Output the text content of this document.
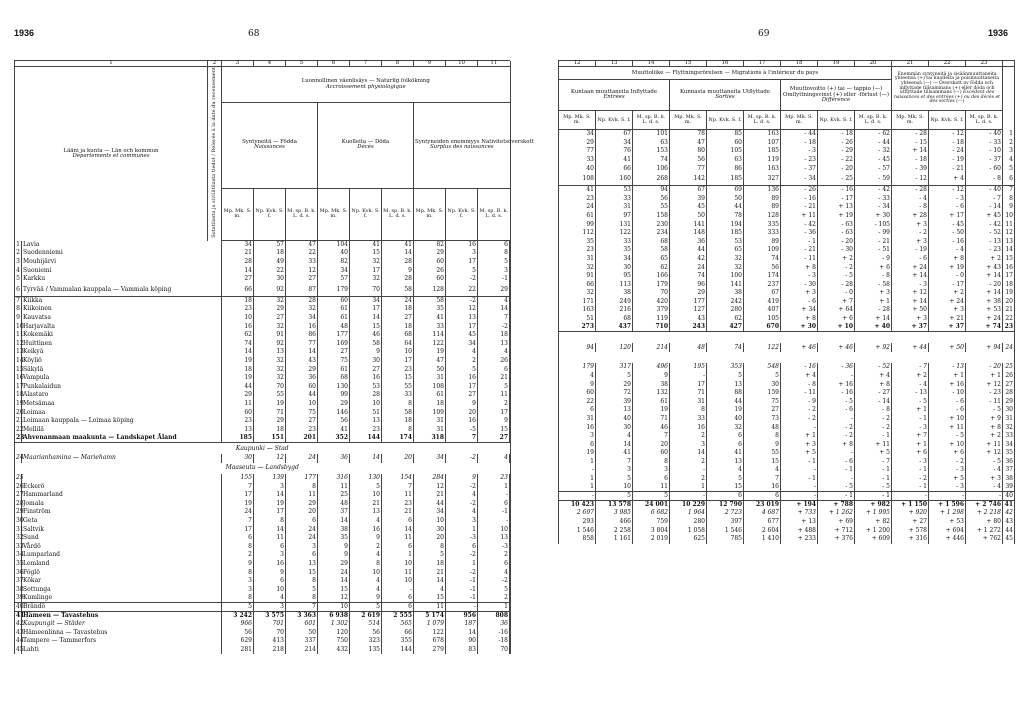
1936	68	69	1936
1		2	3	4	5	6	7	8	9	10	11	
Lääni ja kunta — Län och kommun
Départements et communes		Sotatilasta ja siviilitilasta tiedot / Relevés à la date du recensement	Luonnollinen väenlisäys — Naturlig folkökning
Accroissement physiologique									
			Syntyneitä — Födda
Naissances			Kuolleita — Döda
Décès			Syntyneiden enemmyys Nativitetsöverskott
Surplus des naissances			
			Mp. Mk. S. m.	Np. Kvk. S. f.	M. sp. B. k. L. d. s.	Mp. Mk. S. m.	Np. Kvk. S. f.	M. sp. B. k. L. d. s.	Mp. Mk. S. m.	Np. Kvk. S. f.	M. sp. B. k. L. d. s.	
1	Lavia		34	57	47	104	41	41	82	16	6	
2	Suodenniemi		21	18	22	40	15	14	29	3	8	
3	Mouhijärvi		28	49	33	82	32	28	60	17	5	
4	Suoniemi		14	22	12	34	17	9	26	5	3	
5	Karkku		27	30	27	57	32	28	60	-2	-1	
6	Tyrvää / Vammalan kauppala — Vammala köping		66	92	87	179	70	58	128	22	29	
7	Kiikka		18	32	28	60	34	24	58	-2	4	
8	Kiikoinen		23	29	32	61	17	18	35	12	14	
9	Kauvatsa		10	27	34	61	14	27	41	13	7	
10	Harjavalta		16	32	16	48	15	18	33	17	-2	
11	Kokemäki		62	91	86	177	46	68	114	45	18	
12	Huittinen		74	92	77	169	58	64	122	34	13	
13	Keikyä		14	13	14	27	9	10	19	4	4	
14	Köyliö		19	32	43	75	30	17	47	2	26	
15	Säkylä		18	32	29	61	27	23	50	5	6	
16	Vampula		19	32	36	68	16	15	31	16	21	
17	Punkalaidun		44	70	60	130	53	55	108	17	5	
18	Alastaro		29	55	44	99	28	33	61	27	11	
19	Metsämaa		11	19	10	29	10	8	18	9	2	
20	Loimaa		60	71	75	146	51	58	109	20	17	
21	Loimaan kauppala — Loimaa köping		23	29	27	56	13	18	31	16	9	
22	Mellilä		13	18	23	41	23	8	31	-5	15	
23	Ahvenanmaan maakunta — Landskapet Åland		185	151	201	352	144	174	318	7	27	
Kaupunki — Stad												
24	Maarianhamina — Mariehamn		30	12	24	36	14	20	34	-2	4	
Maaseutu — Landsbygd												
25			155	139	177	316	130	154	284	9	23	
26	Eckerö		7	3	8	11	5	7	12	-2	1	
27	Hammarland		17	14	11	25	10	11	21	4	-	
28	Jomala		19	19	29	48	21	23	44	-2	6	
29	Finström		24	17	20	37	13	21	34	4	-1	
30	Geta		7	8	6	14	4	6	10	3	-	
31	Saltvik		17	14	24	38	16	14	30	1	10	
32	Sund		6	11	24	35	9	11	20	-3	13	
33	Vårdö		8	6	3	9	2	6	8	6	-3	
34	Lumparland		2	3	6	9	4	1	5	-2	2	
35	Lemland		9	16	13	29	8	10	18	1	6	
36	Föglö		8	9	15	24	10	11	21	-2	4	
37	Kökar		3	6	8	14	4	10	14	-1	-2	
38	Sottunga		3	10	5	15	4	-	4	-1	5	
39	Kumlinge		8	4	8	12	9	6	15	-1	2	
40	Brändö		5	3	7	10	5	6	11	-	1	
41	Hämeen — Tavastehus		3 242	3 575	3 363	6 938	2 619	2 555	5 174	956	808	
42	Kaupungit — Städer		966	701	601	1 302	514	565	1 079	187	36	
43	Hämeenlinna — Tavastehus		56	70	50	120	56	66	122	14	-16	
44	Tampere — Tammerfors		629	413	337	750	323	355	678	90	-18	
45	Lahti		281	218	214	432	135	144	279	83	70	
12	13	14	15	16	17	18	19	20	21	22	23	
Muuttoliike — Flyttningsrörelsen — Migrations à l'intérieur du pays									Enemmän syntyneitä ja sisäänmuuttaneita yhteensä (+) tai kuolleita ja poismuuttaneita yhteensä (—) — Överskott av födda och inflyttade tillsammans (+) eller döda och utflyttade tillsammans (—) Excédent des naissances et des entrées (+) ou des décès et des sorties (—)			
Kuntaan muuttaneita Inflyttade
Entrées			Kunnasta muuttaneita Utflyttade
Sorties			Muuttovoitto (+) tai — tappio (—) Omflyttningsvinst (+) eller -förlust (—)
Différence						
Mp. Mk. S. m.	Np. Kvk. S. f.	M. sp. B. k. L. d. s.	Mp. Mk. S. m.	Np. Kvk. S. f.	M. sp. B. k. L. d. s.	Mp. Mk. S. m.	Np. Kvk. S. f.	M. sp. B. k. L. d. s.	Mp. Mk. S. m.	Np. Kvk. S. f.	M. sp. B. k. L. d. s.	
34	67	101	78	85	163	- 44	- 18	- 62	- 28	- 12	- 40	1
29	34	63	47	60	107	- 18	- 26	- 44	- 15	- 18	- 33	2
77	76	153	80	105	185	- 3	- 29	- 32	+ 14	- 24	- 10	3
33	41	74	56	63	119	- 23	- 22	- 45	- 18	- 19	- 37	4
40	66	106	77	86	163	- 37	- 20	- 57	- 39	- 21	- 60	5
108	160	268	142	185	327	- 34	- 25	- 59	- 12	+ 4	- 8	6
41	53	94	67	69	136	- 26	- 16	- 42	- 28	- 12	- 40	7
23	33	56	39	50	89	- 16	- 17	- 33	- 4	- 3	- 7	8
24	31	55	45	44	89	- 21	+ 13	- 34	- 8	- 6	- 14	9
61	97	158	50	78	128	+ 11	+ 19	+ 30	+ 28	+ 17	+ 45	10
99	131	230	141	194	335	- 42	- 63	- 105	+ 3	- 45	- 42	11
112	122	234	148	185	333	- 36	- 63	- 99	- 2	- 50	- 52	12
35	33	68	36	53	89	- 1	- 20	- 21	+ 3	- 16	- 13	13
23	35	58	44	65	109	- 21	- 30	- 51	- 19	- 4	- 23	14
31	34	65	42	32	74	- 11	+ 2	- 9	- 6	+ 8	+ 2	15
32	30	62	24	32	56	+ 8	- 2	+ 6	+ 24	+ 19	+ 43	16
91	95	166	74	100	174	- 3	- 5	- 8	+ 14	- 0	+ 14	17
66	113	179	96	141	237	- 30	- 28	- 58	- 3	- 17	- 20	18
32	38	70	29	38	67	+ 3	- 0	+ 3	+ 12	+ 2	+ 14	19
171	249	420	177	242	419	- 6	+ 7	+ 1	+ 14	+ 24	+ 38	20
163	216	379	127	280	407	+ 34	+ 64	- 28	+ 50	+ 3	+ 53	21
51	68	119	43	62	105	+ 8	+ 6	+ 14	+ 3	+ 21	+ 24	22
273	437	710	243	427	670	+ 30	+ 10	+ 40	+ 37	+ 37	+ 74	23

94	120	214	48	74	122	+ 46	+ 46	+ 92	+ 44	+ 50	+ 94	24

179	317	496	195	353	548	- 16	- 36	- 52	- 7	- 13	- 20	25
4	5	9	-	5	5	+ 4	-	+ 4	+ 2	+ 1	+ 1	26
9	29	38	17	13	30	- 8	+ 16	+ 8	- 4	+ 16	+ 12	27
60	72	132	71	88	159	- 11	- 16	- 27	- 13	- 10	- 23	28
22	39	61	31	44	75	- 9	- 5	- 14	- 5	- 6	- 11	29
6	13	19	8	19	27	- 2	- 6	- 8	+ 1	- 6	- 5	30
31	40	71	33	40	73	- 2	-	- 2	- 1	+ 10	+ 9	31
16	30	46	16	32	48	-	- 2	- 2	- 3	+ 11	+ 8	32
3	4	7	2	6	8	+ 1	- 2	- 1	+ 7	- 5	+ 2	33
6	14	20	3	6	9	+ 3	+ 8	+ 11	+ 1	+ 10	+ 11	34
19	41	60	14	41	55	+ 5	-	+ 5	+ 6	+ 6	+ 12	35
1	7	8	2	13	15	- 1	- 6	- 7	- 3	- 2	- 5	36
-	3	3	-	4	4	-	- 1	- 1	- 1	- 3	- 4	37
1	5	6	2	5	7	- 1	-	- 1	- 2	+ 5	+ 3	38
1	10	11	1	15	16	-	- 5	- 5	- 1	- 3	- 4	39
-	5	5	-	6	6	-	- 1	- 1	-	-	-	40
10 423	13 578	24 001	10 229	12 790	23 019	+ 194	+ 788	+ 982	+ 1 150	+ 1 596	+ 2 746	41
2 697	3 985	6 682	1 964	2 723	4 687	+ 733	+ 1 262	+ 1 995	+ 920	+ 1 298	+ 2 218	42
293	466	759	280	397	677	+ 13	+ 69	+ 82	+ 27	+ 53	+ 80	43
1 546	2 258	3 804	1 058	1 546	2 604	+ 488	+ 712	+ 1 200	+ 578	+ 694	+ 1 272	44
858	1 161	2 019	625	785	1 410	+ 233	+ 376	+ 609	+ 316	+ 446	+ 762	45
